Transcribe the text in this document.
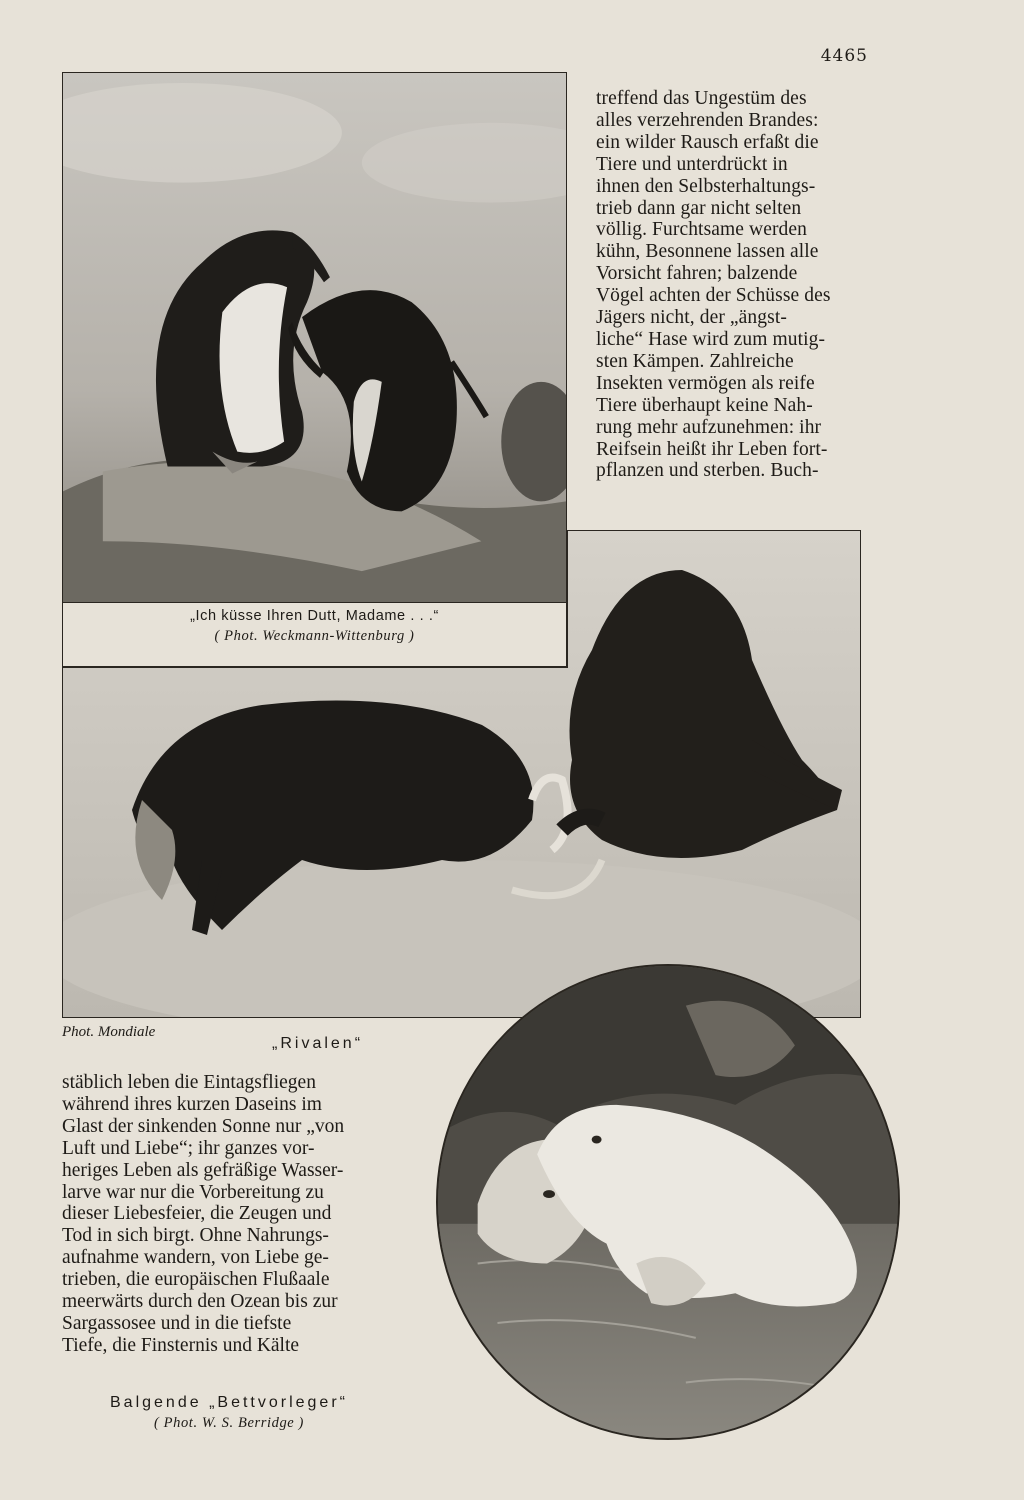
4465
„Ich küsse Ihren Dutt, Madame . . .“
( Phot. Weckmann-Wittenburg )
treffend das Ungestüm des
alles verzehrenden Brandes:
ein wilder Rausch erfaßt die
Tiere und unterdrückt in
ihnen den Selbsterhaltungs-
trieb dann gar nicht selten
völlig. Furchtsame werden
kühn, Besonnene lassen alle
Vorsicht fahren; balzende
Vögel achten der Schüsse des
Jägers nicht, der „ängst-
liche“ Hase wird zum mutig-
sten Kämpen. Zahlreiche
Insekten vermögen als reife
Tiere überhaupt keine Nah-
rung mehr aufzunehmen: ihr
Reifsein heißt ihr Leben fort-
pflanzen und sterben. Buch-
Phot. Mondiale
„Rivalen“
stäblich leben die Eintagsfliegen
während ihres kurzen Daseins im
Glast der sinkenden Sonne nur „von
Luft und Liebe“; ihr ganzes vor-
heriges Leben als gefräßige Wasser-
larve war nur die Vorbereitung zu
dieser Liebesfeier, die Zeugen und
Tod in sich birgt. Ohne Nahrungs-
aufnahme wandern, von Liebe ge-
trieben, die europäischen Flußaale
meerwärts durch den Ozean bis zur
Sargassosee und in die tiefste
Tiefe, die Finsternis und Kälte
Balgende „Bettvorleger“
( Phot. W. S. Berridge )
